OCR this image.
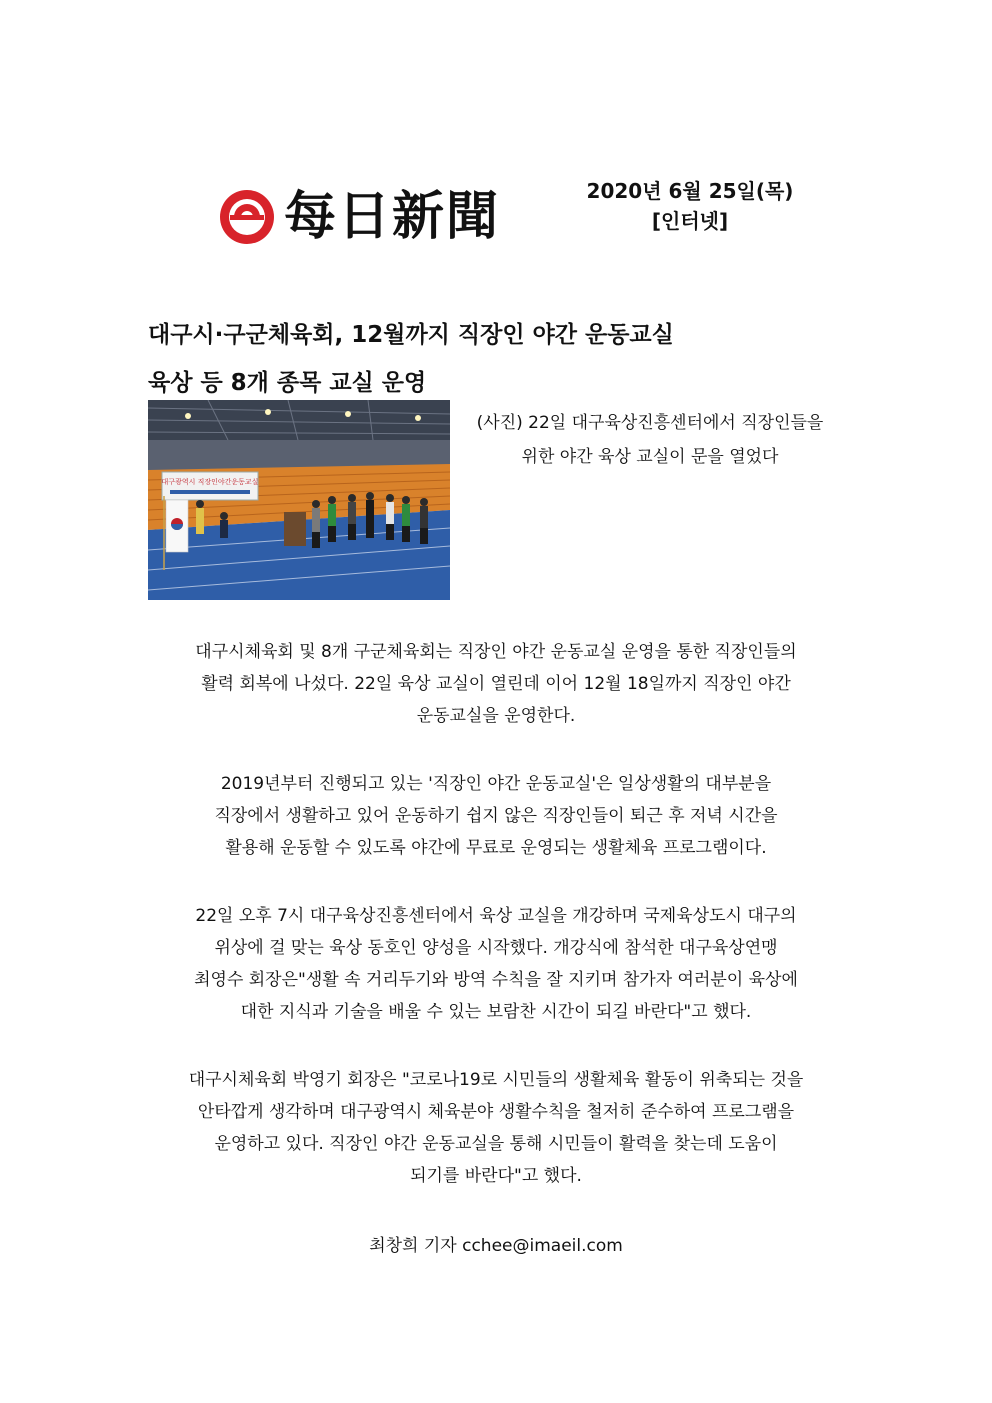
每日新聞	2020년 6월 25일(목)
[인터넷]
대구시·구군체육회, 12월까지 직장인 야간 운동교실
육상 등 8개 종목 교실 운영
대구광역시 직장인야간운동교실
(사진) 22일 대구육상진흥센터에서 직장인들을
위한 야간 육상 교실이 문을 열었다
대구시체육회 및 8개 구군체육회는 직장인 야간 운동교실 운영을 통한 직장인들의
활력 회복에 나섰다. 22일 육상 교실이 열린데 이어 12월 18일까지 직장인 야간
운동교실을 운영한다.
2019년부터 진행되고 있는 '직장인 야간 운동교실'은 일상생활의 대부분을
직장에서 생활하고 있어 운동하기 쉽지 않은 직장인들이 퇴근 후 저녁 시간을
활용해 운동할 수 있도록 야간에 무료로 운영되는 생활체육 프로그램이다.
22일 오후 7시 대구육상진흥센터에서 육상 교실을 개강하며 국제육상도시 대구의
위상에 걸 맞는 육상 동호인 양성을 시작했다. 개강식에 참석한 대구육상연맹
최영수 회장은"생활 속 거리두기와 방역 수칙을 잘 지키며 참가자 여러분이 육상에
대한 지식과 기술을 배울 수 있는 보람찬 시간이 되길 바란다"고 했다.
대구시체육회 박영기 회장은 "코로나19로 시민들의 생활체육 활동이 위축되는 것을
안타깝게 생각하며 대구광역시 체육분야 생활수칙을 철저히 준수하여 프로그램을
운영하고 있다. 직장인 야간 운동교실을 통해 시민들이 활력을 찾는데 도움이
되기를 바란다"고 했다.
최창희 기자 cchee@imaeil.com
